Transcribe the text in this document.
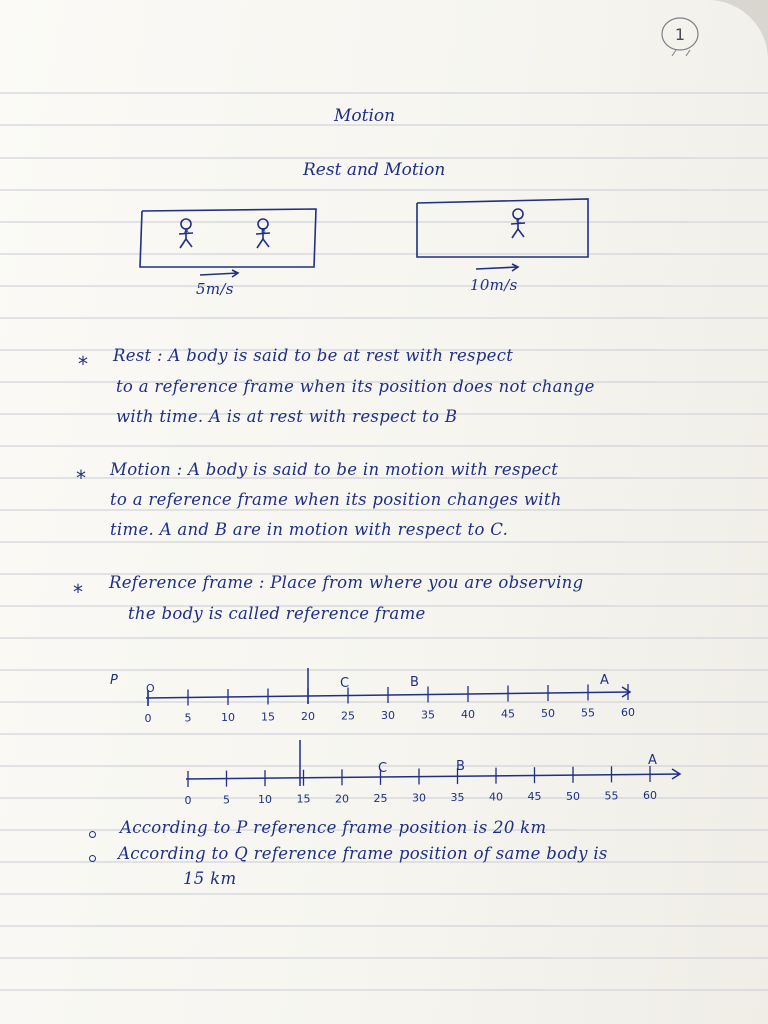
1
Motion
Rest and Motion
A	B
C
5m/s	10m/s
* Rest : A body is said to be at rest with respect
to a reference frame when its position does not change
with time. A is at rest with respect to B
* Motion : A body is said to be in motion with respect
to a reference frame when its position changes with
time. A and B are in motion with respect to C.
* Reference frame : Place from where you are observing
the body is called reference frame
0	5	10 15 20 25 30 35 40 45 50 55 60
P
O	C	B	A
0	5	10 15 20 25 30 35 40 45 50 55 60
C	B	A
According to P reference frame position is 20 km
According to Q reference frame position of same body is
15 km
